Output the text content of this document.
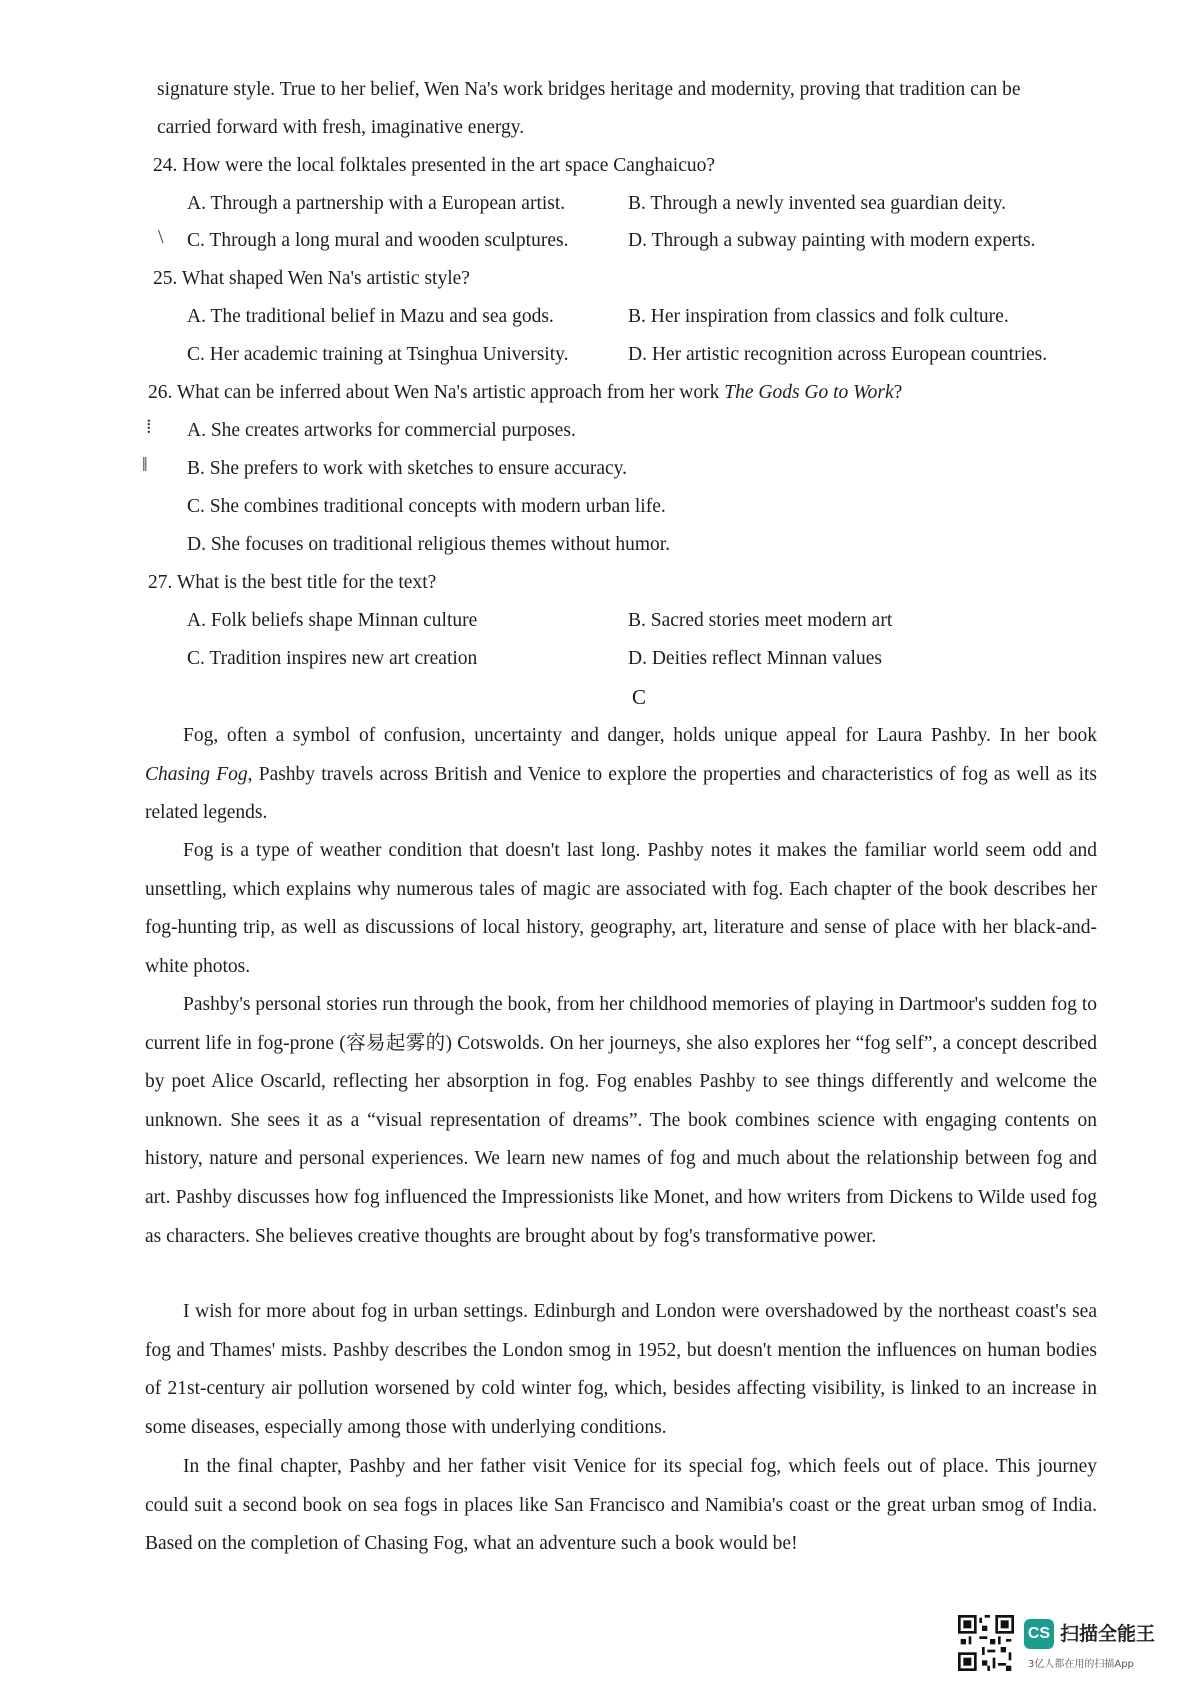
signature style. True to her belief, Wen Na's work bridges heritage and modernity, proving that tradition can be
carried forward with fresh, imaginative energy.
24. How were the local folktales presented in the art space Canghaicuo?
A. Through a partnership with a European artist.	B. Through a newly invented sea guardian deity.
\ C. Through a long mural and wooden sculptures.	D. Through a subway painting with modern experts.
25. What shaped Wen Na's artistic style?
A. The traditional belief in Mazu and sea gods.	B. Her inspiration from classics and folk culture.
C. Her academic training at Tsinghua University.	D. Her artistic recognition across European countries.
26. What can be inferred about Wen Na's artistic approach from her work The Gods Go to Work?
⁞ A. She creates artworks for commercial purposes.
ǁ B. She prefers to work with sketches to ensure accuracy.
C. She combines traditional concepts with modern urban life.
D. She focuses on traditional religious themes without humor.
27. What is the best title for the text?
A. Folk beliefs shape Minnan culture	B. Sacred stories meet modern art
C. Tradition inspires new art creation	D. Deities reflect Minnan values
C
Fog, often a symbol of confusion, uncertainty and danger, holds unique appeal for Laura Pashby. In her book Chasing Fog, Pashby travels across British and Venice to explore the properties and characteristics of fog as well as its related legends.
Fog is a type of weather condition that doesn't last long. Pashby notes it makes the familiar world seem odd and unsettling, which explains why numerous tales of magic are associated with fog. Each chapter of the book describes her fog-hunting trip, as well as discussions of local history, geography, art, literature and sense of place with her black-and-white photos.
Pashby's personal stories run through the book, from her childhood memories of playing in Dartmoor's sudden fog to current life in fog-prone (容易起雾的) Cotswolds. On her journeys, she also explores her “fog self”, a concept described by poet Alice Oscarld, reflecting her absorption in fog. Fog enables Pashby to see things differently and welcome the unknown. She sees it as a “visual representation of dreams”. The book combines science with engaging contents on history, nature and personal experiences. We learn new names of fog and much about the relationship between fog and art. Pashby discusses how fog influenced the Impressionists like Monet, and how writers from Dickens to Wilde used fog as characters. She believes creative thoughts are brought about by fog's transformative power.
I wish for more about fog in urban settings. Edinburgh and London were overshadowed by the northeast coast's sea fog and Thames' mists. Pashby describes the London smog in 1952, but doesn't mention the influences on human bodies of 21st-century air pollution worsened by cold winter fog, which, besides affecting visibility, is linked to an increase in some diseases, especially among those with underlying conditions.
In the final chapter, Pashby and her father visit Venice for its special fog, which feels out of place. This journey could suit a second book on sea fogs in places like San Francisco and Namibia's coast or the great urban smog of India. Based on the completion of Chasing Fog, what an adventure such a book would be!
CS 扫描全能王
3亿人都在用的扫描App
